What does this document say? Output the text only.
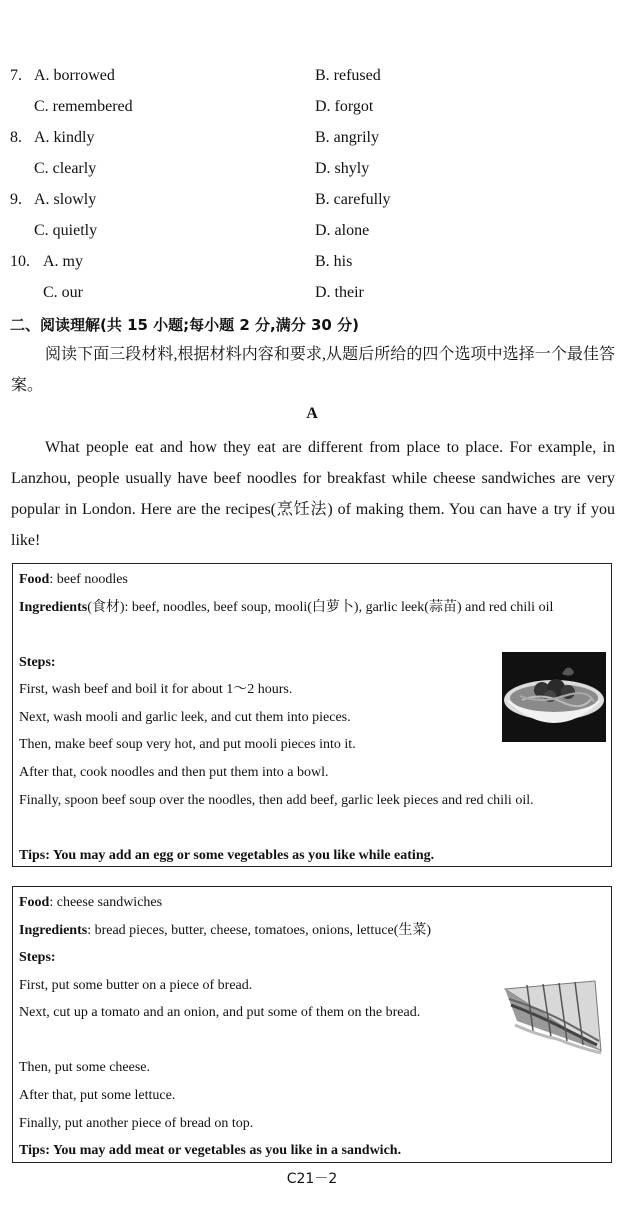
7. A. borrowed	B. refused
C. remembered	D. forgot
8. A. kindly	B. angrily
C. clearly	D. shyly
9. A. slowly	B. carefully
C. quietly	D. alone
10. A. my	B. his
C. our	D. their
二、阅读理解(共 15 小题;每小题 2 分,满分 30 分)
阅读下面三段材料,根据材料内容和要求,从题后所给的四个选项中选择一个最佳答案。
A
What people eat and how they eat are different from place to place. For example, in Lanzhou, people usually have beef noodles for breakfast while cheese sandwiches are very popular in London. Here are the recipes(烹饪法) of making them. You can have a try if you like!
Food: beef noodles
Ingredients(食材): beef, noodles, beef soup, mooli(白萝卜), garlic leek(蒜苗) and red chili oil
Steps:
First, wash beef and boil it for about 1～2 hours.
Next, wash mooli and garlic leek, and cut them into pieces.
Then, make beef soup very hot, and put mooli pieces into it.
After that, cook noodles and then put them into a bowl.
Finally, spoon beef soup over the noodles, then add beef, garlic leek pieces and red chili oil.
Tips: You may add an egg or some vegetables as you like while eating.
Food: cheese sandwiches
Ingredients: bread pieces, butter, cheese, tomatoes, onions, lettuce(生菜)
Steps:
First, put some butter on a piece of bread.
Next, cut up a tomato and an onion, and put some of them on the bread.
Then, put some cheese.
After that, put some lettuce.
Finally, put another piece of bread on top.
Tips: You may add meat or vegetables as you like in a sandwich.
C21－2
